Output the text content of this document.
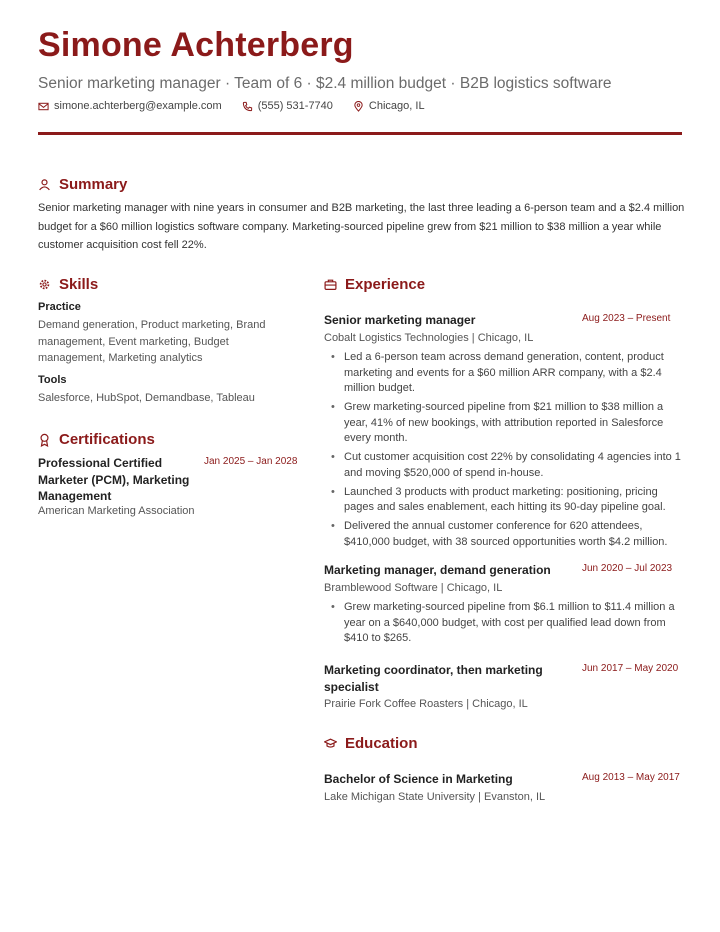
Simone Achterberg
Senior marketing manager · Team of 6 · $2.4 million budget · B2B logistics software
simone.achterberg@example.com	(555) 531-7740	Chicago, IL
Summary
Senior marketing manager with nine years in consumer and B2B marketing, the last three leading a 6-person team and a $2.4 million budget for a $60 million logistics software company. Marketing-sourced pipeline grew from $21 million to $38 million a year while customer acquisition cost fell 22%.
Skills
Practice
Demand generation, Product marketing, Brand management, Event marketing, Budget management, Marketing analytics
Tools
Salesforce, HubSpot, Demandbase, Tableau
Certifications
Professional Certified Marketer (PCM), Marketing Management
Jan 2025 – Jan 2028
American Marketing Association
Experience
Senior marketing manager	Aug 2023 – Present
Cobalt Logistics Technologies | Chicago, IL
• Led a 6-person team across demand generation, content, product marketing and events for a $60 million ARR company, with a $2.4 million budget.
• Grew marketing-sourced pipeline from $21 million to $38 million a year, 41% of new bookings, with attribution reported in Salesforce every month.
• Cut customer acquisition cost 22% by consolidating 4 agencies into 1 and moving $520,000 of spend in-house.
• Launched 3 products with product marketing: positioning, pricing pages and sales enablement, each hitting its 90-day pipeline goal.
• Delivered the annual customer conference for 620 attendees, $410,000 budget, with 38 sourced opportunities worth $4.2 million.
Marketing manager, demand generation	Jun 2020 – Jul 2023
Bramblewood Software | Chicago, IL
• Grew marketing-sourced pipeline from $6.1 million to $11.4 million a year on a $640,000 budget, with cost per qualified lead down from $410 to $265.
Marketing coordinator, then marketing specialist
Jun 2017 – May 2020
Prairie Fork Coffee Roasters | Chicago, IL
Education
Bachelor of Science in Marketing	Aug 2013 – May 2017
Lake Michigan State University | Evanston, IL
